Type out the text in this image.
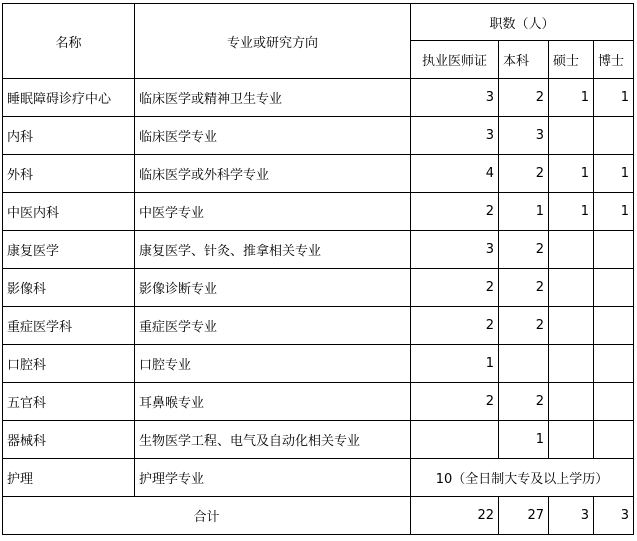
名称	专业或研究方向	职数（人）			
		执业医师证	本科	硕士	博士
睡眠障碍诊疗中心	临床医学或精神卫生专业	3	2	1	1
内科	临床医学专业	3	3		
外科	临床医学或外科学专业	4	2	1	1
中医内科	中医学专业	2	1	1	1
康复医学	康复医学、针灸、推拿相关专业	3	2		
影像科	影像诊断专业	2	2		
重症医学科	重症医学专业	2	2		
口腔科	口腔专业	1			
五官科	耳鼻喉专业	2	2		
器械科	生物医学工程、电气及自动化相关专业		1		
护理	护理学专业	10（全日制大专及以上学历）			
合计		22	27	3	3
